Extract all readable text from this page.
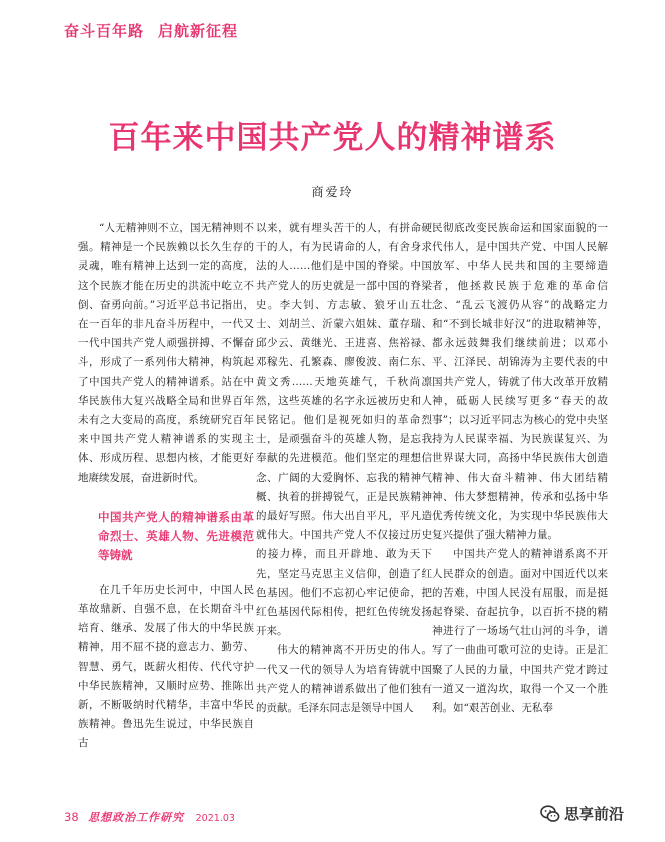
奋斗百年路 启航新征程
百年来中国共产党人的精神谱系
商爱玲

“人无精神则不立，国无精神则不强。精神是一个民族赖以长久生存的灵魂，唯有精神上达到一定的高度，这个民族才能在历史的洪流中屹立不倒、奋勇向前。”习近平总书记指出，在一百年的非凡奋斗历程中，一代又一代中国共产党人顽强拼搏、不懈奋斗，形成了一系列伟大精神，构筑起了中国共产党人的精神谱系。站在中华民族伟大复兴战略全局和世界百年未有之大变局的高度，系统研究百年来中国共产党人精神谱系的实现主体、形成历程、思想内核，才能更好地赓续发展，奋进新时代。

中国共产党人的精神谱系由革命烈士、英雄人物、先进模范等铸就

在几千年历史长河中，中国人民革故鼎新、自强不息，在长期奋斗中培育、继承、发展了伟大的中华民族精神，用不屈不挠的意志力、勤劳、智慧、勇气，既薪火相传、代代守护中华民族精神，又顺时应势、推陈出新，不断吸纳时代精华，丰富中华民族精神。鲁迅先生说过，中华民族自古

以来，就有埋头苦干的人，有拼命硬干的人，有为民请命的人，有舍身求法的人……他们是中国的脊梁。中国共产党人的历史就是一部中国的脊梁史。李大钊、方志敏、狼牙山五壮士、刘胡兰、沂蒙六姐妹、董存瑞、邱少云、黄继光、王进喜、焦裕禄、邓稼先、孔繁森、廖俊波、南仁东、黄文秀……天地英雄气，千秋尚凛然，这些英雄的名字永远被历史和人民铭记。他们是视死如归的革命烈士，是顽强奋斗的英雄人物，是忘我奉献的先进模范。他们坚定的理想信念、广阔的大爱胸怀、忘我的精神气概、执着的拼搏锐气，正是民族精神的最好写照。伟大出自平凡，平凡造就伟大。中国共产党人不仅接过历史的接力棒，而且开辟地、敢为天下先，坚定马克思主义信仰，创造了红色基因。他们不忘初心牢记使命，把红色基因代际相传，把红色传统发扬开来。

伟大的精神离不开历史的伟人。一代又一代的领导人为培育铸就中国共产党人的精神谱系做出了他们独有的贡献。毛泽东同志是领导中国人

民彻底改变民族命运和国家面貌的一代伟人，是中国共产党、中国人民解放军、中华人民共和国的主要缔造者，他拯救民族于危难的革命信念、“乱云飞渡仍从容”的战略定力和“不到长城非好汉”的进取精神等，都永远鼓舞我们继续前进；以邓小平、江泽民、胡锦涛为主要代表的中国共产党人，铸就了伟大改革开放精神，砥砺人民续写更多“春天的故事”；以习近平同志为核心的党中央坚持为人民谋幸福、为民族谋复兴、为世界谋大同，高扬中华民族伟大创造精神、伟大奋斗精神、伟大团结精神、伟大梦想精神，传承和弘扬中华优秀传统文化，为实现中华民族伟大复兴提供了强大精神力量。

中国共产党人的精神谱系离不开人民群众的创造。面对中国近代以来的苦难，中国人民没有屈服，而是挺起脊梁、奋起抗争，以百折不挠的精神进行了一场场气壮山河的斗争，谱写了一曲曲可歌可泣的史诗。正是汇聚了人民的力量，中国共产党才跨过一道又一道沟坎，取得一个又一个胜利。如“艰苦创业、无私奉

38 思想政治工作研究 2021.03	思享前沿
